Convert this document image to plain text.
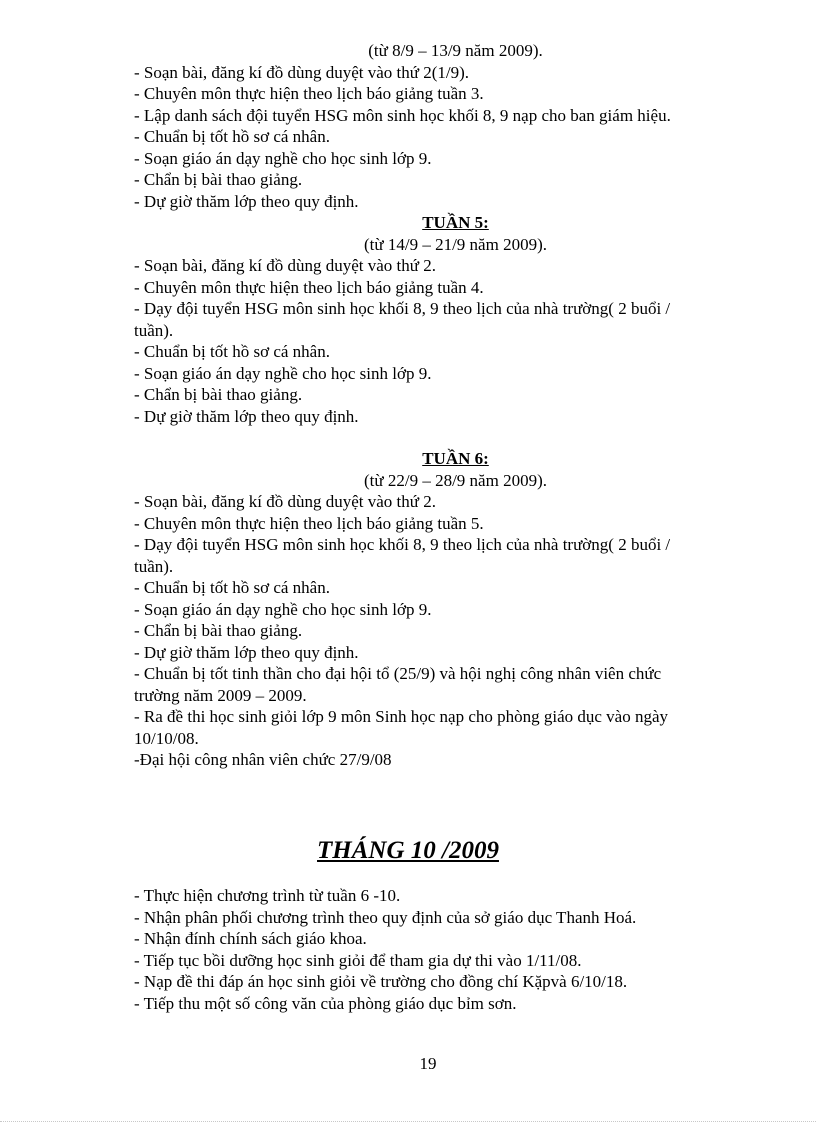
(từ 8/9 – 13/9 năm 2009).
- Soạn bài, đăng kí đồ dùng duyệt vào thứ 2(1/9).
- Chuyên môn thực hiện theo lịch báo giảng tuần 3.
- Lập danh sách đội tuyển HSG môn sinh học khối 8, 9 nạp cho ban giám hiệu.
- Chuẩn bị tốt hồ sơ cá nhân.
- Soạn giáo án dạy nghề cho học sinh lớp 9.
- Chẩn bị bài thao giảng.
- Dự giờ thăm lớp theo quy định.
TUẦN 5:
(từ 14/9 – 21/9 năm 2009).
- Soạn bài, đăng kí đồ dùng duyệt vào thứ 2.
- Chuyên môn thực hiện theo lịch báo giảng tuần 4.
- Dạy đội tuyển HSG môn sinh học khối 8, 9 theo lịch của nhà trường( 2 buổi /
tuần).
- Chuẩn bị tốt hồ sơ cá nhân.
- Soạn giáo án dạy nghề cho học sinh lớp 9.
- Chẩn bị bài thao giảng.
- Dự giờ thăm lớp theo quy định.
TUẦN 6:
(từ 22/9 – 28/9 năm 2009).
- Soạn bài, đăng kí đồ dùng duyệt vào thứ 2.
- Chuyên môn thực hiện theo lịch báo giảng tuần 5.
- Dạy đội tuyển HSG môn sinh học khối 8, 9 theo lịch của nhà trường( 2 buổi /
tuần).
- Chuẩn bị tốt hồ sơ cá nhân.
- Soạn giáo án dạy nghề cho học sinh lớp 9.
- Chẩn bị bài thao giảng.
- Dự giờ thăm lớp theo quy định.
- Chuẩn bị tốt tinh thần cho đại hội tổ (25/9) và hội nghị công nhân viên chức
trường năm 2009 – 2009.
- Ra đề thi học sinh giỏi lớp 9 môn Sinh học nạp cho phòng giáo dục vào ngày
10/10/08.
-Đại hội công nhân viên chức 27/9/08
THÁNG 10 /2009
- Thực hiện chương trình từ tuần 6 -10.
- Nhận phân phối chương trình theo quy định của sở giáo dục Thanh Hoá.
- Nhận đính chính sách giáo khoa.
- Tiếp tục bồi dưỡng học sinh giỏi để tham gia dự thi vào 1/11/08.
- Nạp đề thi đáp án học sinh giỏi về trường cho đồng chí Kặpvà 6/10/18.
- Tiếp thu một số công văn của phòng giáo dục bỉm sơn.
19
